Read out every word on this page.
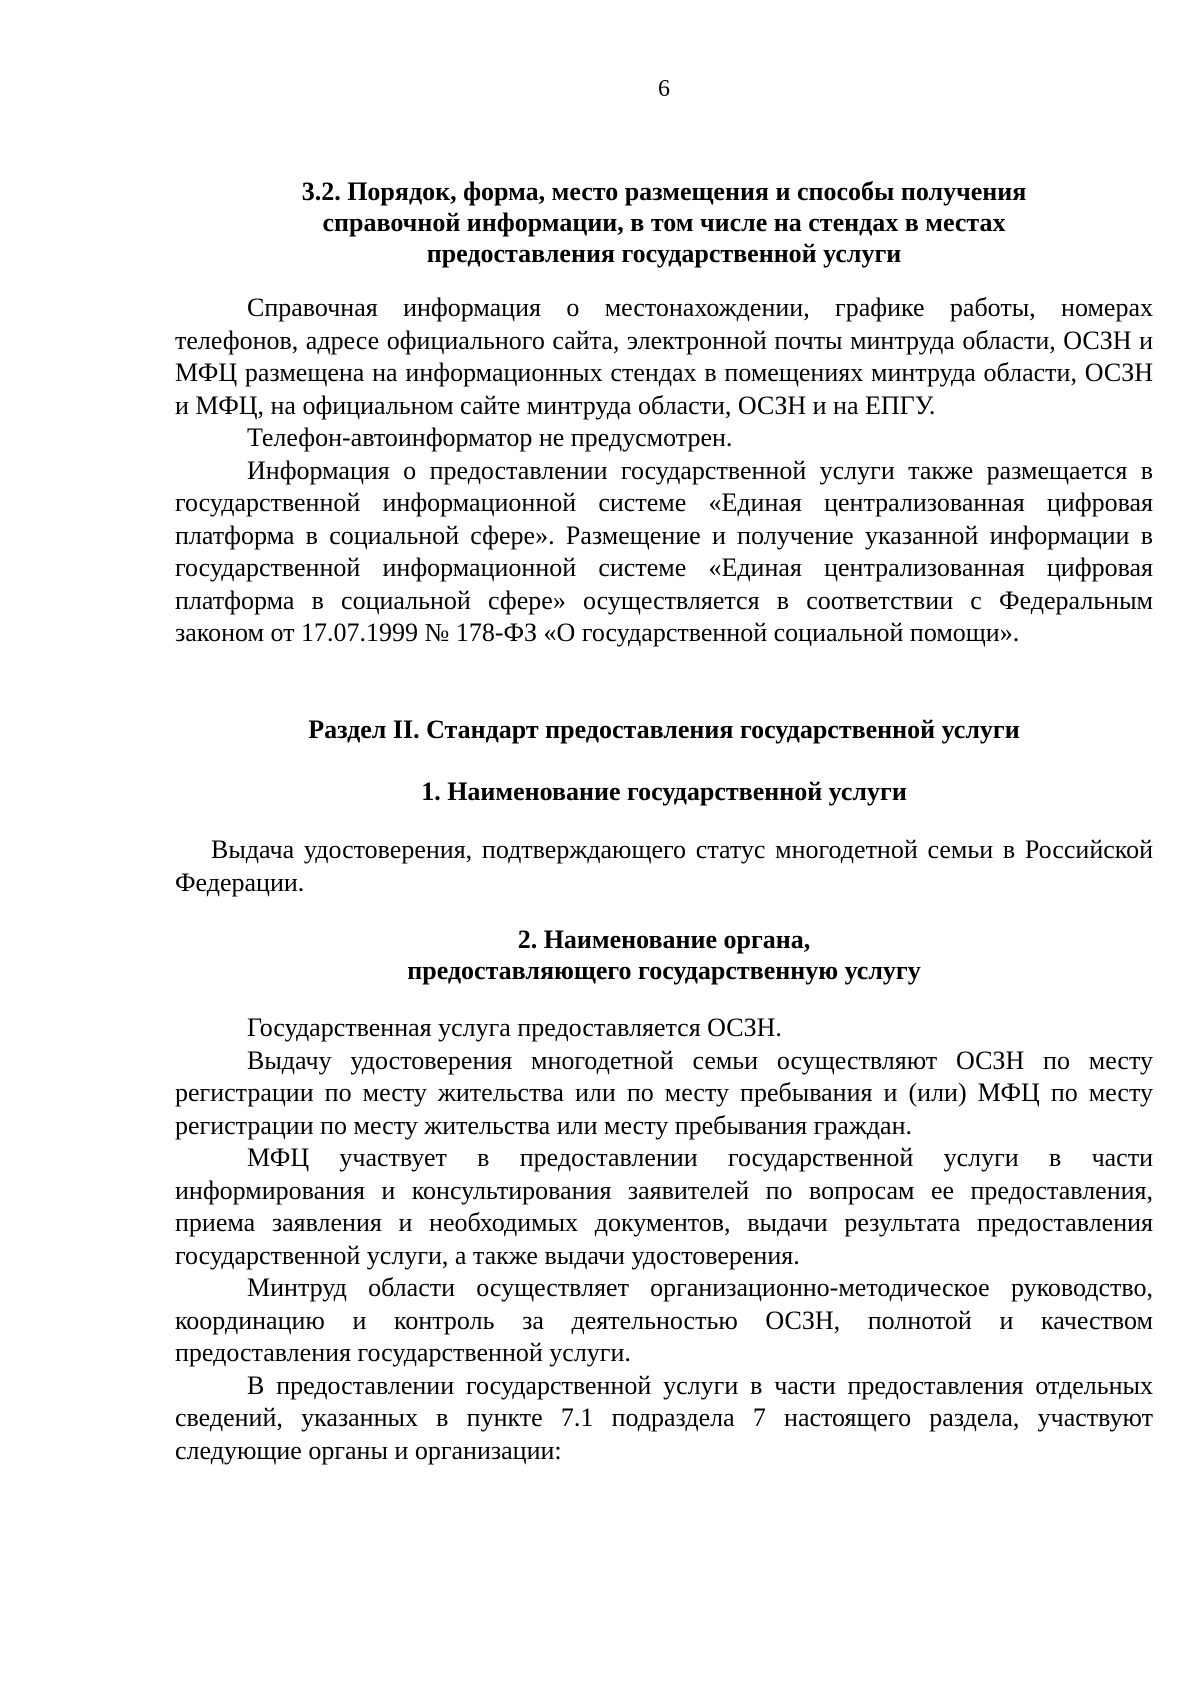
6

3.2. Порядок, форма, место размещения и способы получения

справочной информации, в том числе на стендах в местах

предоставления государственной услуги

Справочная информация о местонахождении, графике работы, номерах телефонов, адресе официального сайта, электронной почты минтруда области, ОСЗН и МФЦ размещена на информационных стендах в помещениях минтруда области, ОСЗН и МФЦ, на официальном сайте минтруда области, ОСЗН и на ЕПГУ.

Телефон-автоинформатор не предусмотрен.

Информация о предоставлении государственной услуги также размещается в государственной информационной системе «Единая централизованная цифровая платформа в социальной сфере». Размещение и получение указанной информации в государственной информационной системе «Единая централизованная цифровая платформа в социальной сфере» осуществляется в соответствии с Федеральным законом от 17.07.1999 № 178-ФЗ «О государственной социальной помощи».

Раздел II. Стандарт предоставления государственной услуги

1. Наименование государственной услуги

Выдача удостоверения, подтверждающего статус многодетной семьи в Российской Федерации.

2. Наименование органа,

предоставляющего государственную услугу

Государственная услуга предоставляется ОСЗН.

Выдачу удостоверения многодетной семьи осуществляют ОСЗН по месту регистрации по месту жительства или по месту пребывания и (или) МФЦ по месту регистрации по месту жительства или месту пребывания граждан.

МФЦ участвует в предоставлении государственной услуги в части информирования и консультирования заявителей по вопросам ее предоставления, приема заявления и необходимых документов, выдачи результата предоставления государственной услуги, а также выдачи удостоверения.

Минтруд области осуществляет организационно-методическое руководство, координацию и контроль за деятельностью ОСЗН, полнотой и качеством предоставления государственной услуги.

В предоставлении государственной услуги в части предоставления отдельных сведений, указанных в пункте 7.1 подраздела 7 настоящего раздела, участвуют следующие органы и организации:
